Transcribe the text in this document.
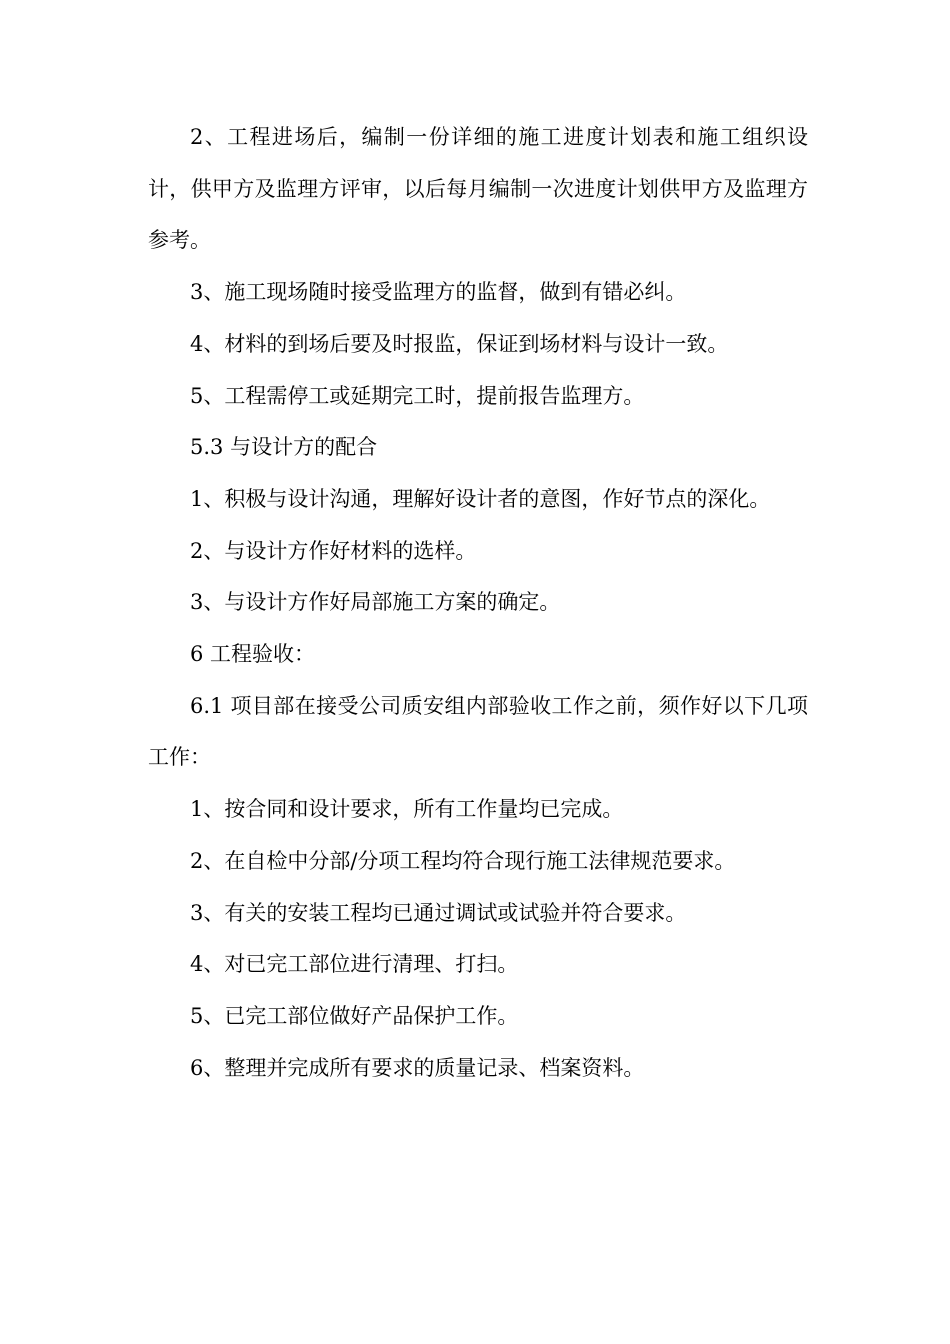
2、工程进场后，编制一份详细的施工进度计划表和施工组织设计，供甲方及监理方评审，以后每月编制一次进度计划供甲方及监理方参考。

3、施工现场随时接受监理方的监督，做到有错必纠。

4、材料的到场后要及时报监，保证到场材料与设计一致。

5、工程需停工或延期完工时，提前报告监理方。

5.3 与设计方的配合

1、积极与设计沟通，理解好设计者的意图，作好节点的深化。

2、与设计方作好材料的选样。

3、与设计方作好局部施工方案的确定。

6 工程验收：

6.1 项目部在接受公司质安组内部验收工作之前，须作好以下几项工作：

1、按合同和设计要求，所有工作量均已完成。

2、在自检中分部/分项工程均符合现行施工法律规范要求。

3、有关的安装工程均已通过调试或试验并符合要求。

4、对已完工部位进行清理、打扫。

5、已完工部位做好产品保护工作。

6、整理并完成所有要求的质量记录、档案资料。
